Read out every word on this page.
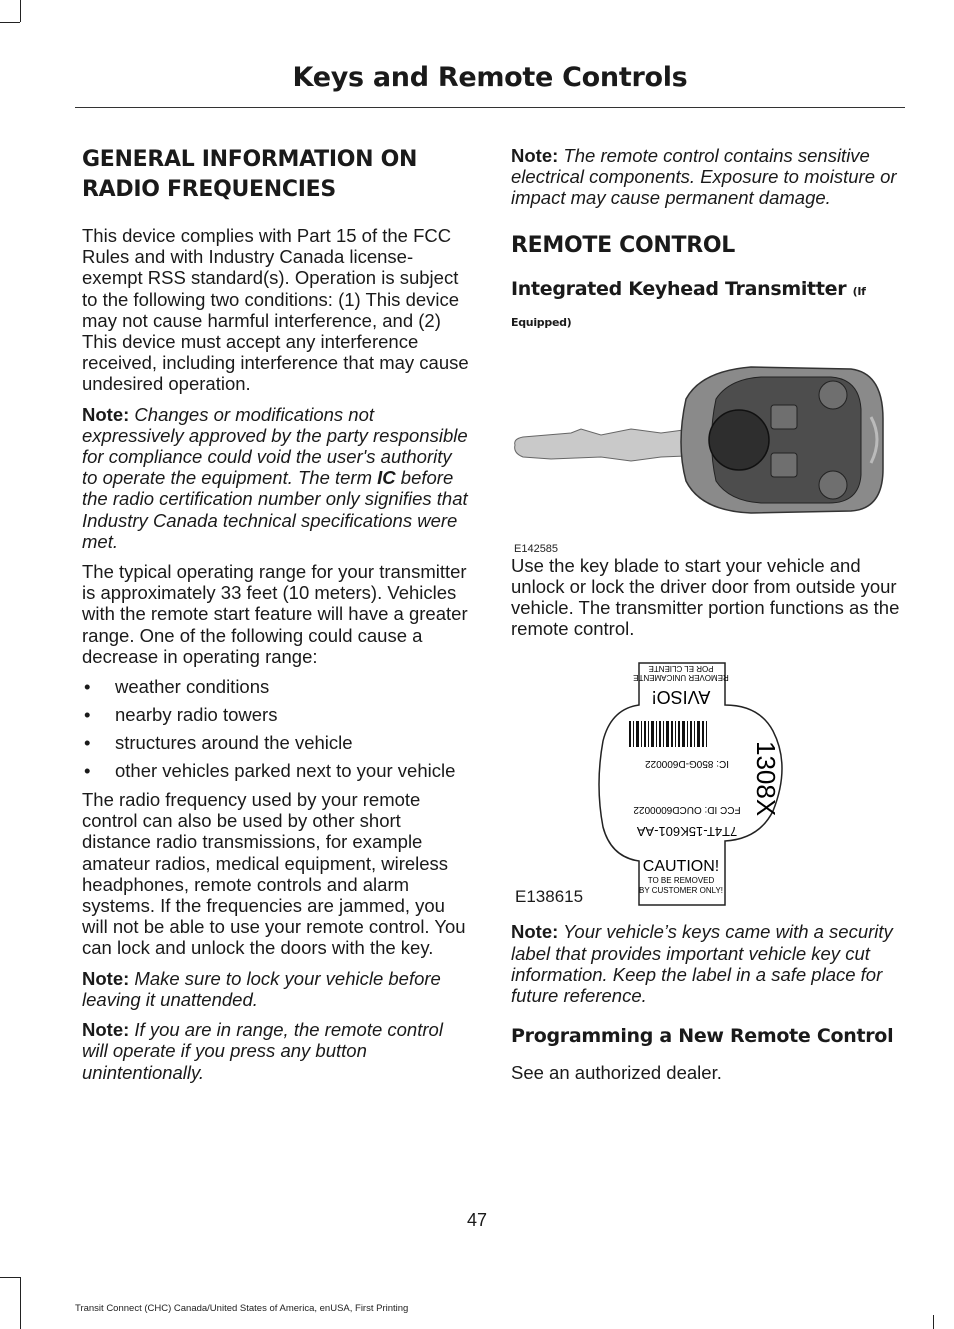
Keys and Remote Controls
GENERAL INFORMATION ON RADIO FREQUENCIES

This device complies with Part 15 of the FCC Rules and with Industry Canada license-exempt RSS standard(s). Operation is subject to the following two conditions: (1) This device may not cause harmful interference, and (2) This device must accept any interference received, including interference that may cause undesired operation.

Note: Changes or modifications not expressively approved by the party responsible for compliance could void the user's authority to operate the equipment. The term IC before the radio certification number only signifies that Industry Canada technical specifications were met.

The typical operating range for your transmitter is approximately 33 feet (10 meters). Vehicles with the remote start feature will have a greater range. One of the following could cause a decrease in operating range:

• weather conditions
• nearby radio towers
• structures around the vehicle
• other vehicles parked next to your vehicle

The radio frequency used by your remote control can also be used by other short distance radio transmissions, for example amateur radios, medical equipment, wireless headphones, remote controls and alarm systems. If the frequencies are jammed, you will not be able to use your remote control. You can lock and unlock the doors with the key.

Note: Make sure to lock your vehicle before leaving it unattended.

Note: If you are in range, the remote control will operate if you press any button unintentionally.

Note: The remote control contains sensitive electrical components. Exposure to moisture or impact may cause permanent damage.

REMOTE CONTROL
Integrated Keyhead Transmitter (If Equipped)
E142585

Use the key blade to start your vehicle and unlock or lock the driver door from outside your vehicle. The transmitter portion functions as the remote control.

AVISO!
REMOVER UNICAMENTE
POR EL CLIENTE
IC: 850G-D600022
FCC ID: OUCD6000022
7T4T-15K601-AA
1308X
CAUTION!
TO BE REMOVED
BY CUSTOMER ONLY!
E138615

Note: Your vehicle’s keys came with a security label that provides important vehicle key cut information. Keep the label in a safe place for future reference.

Programming a New Remote Control

See an authorized dealer.

47
Transit Connect (CHC) Canada/United States of America, enUSA, First Printing
